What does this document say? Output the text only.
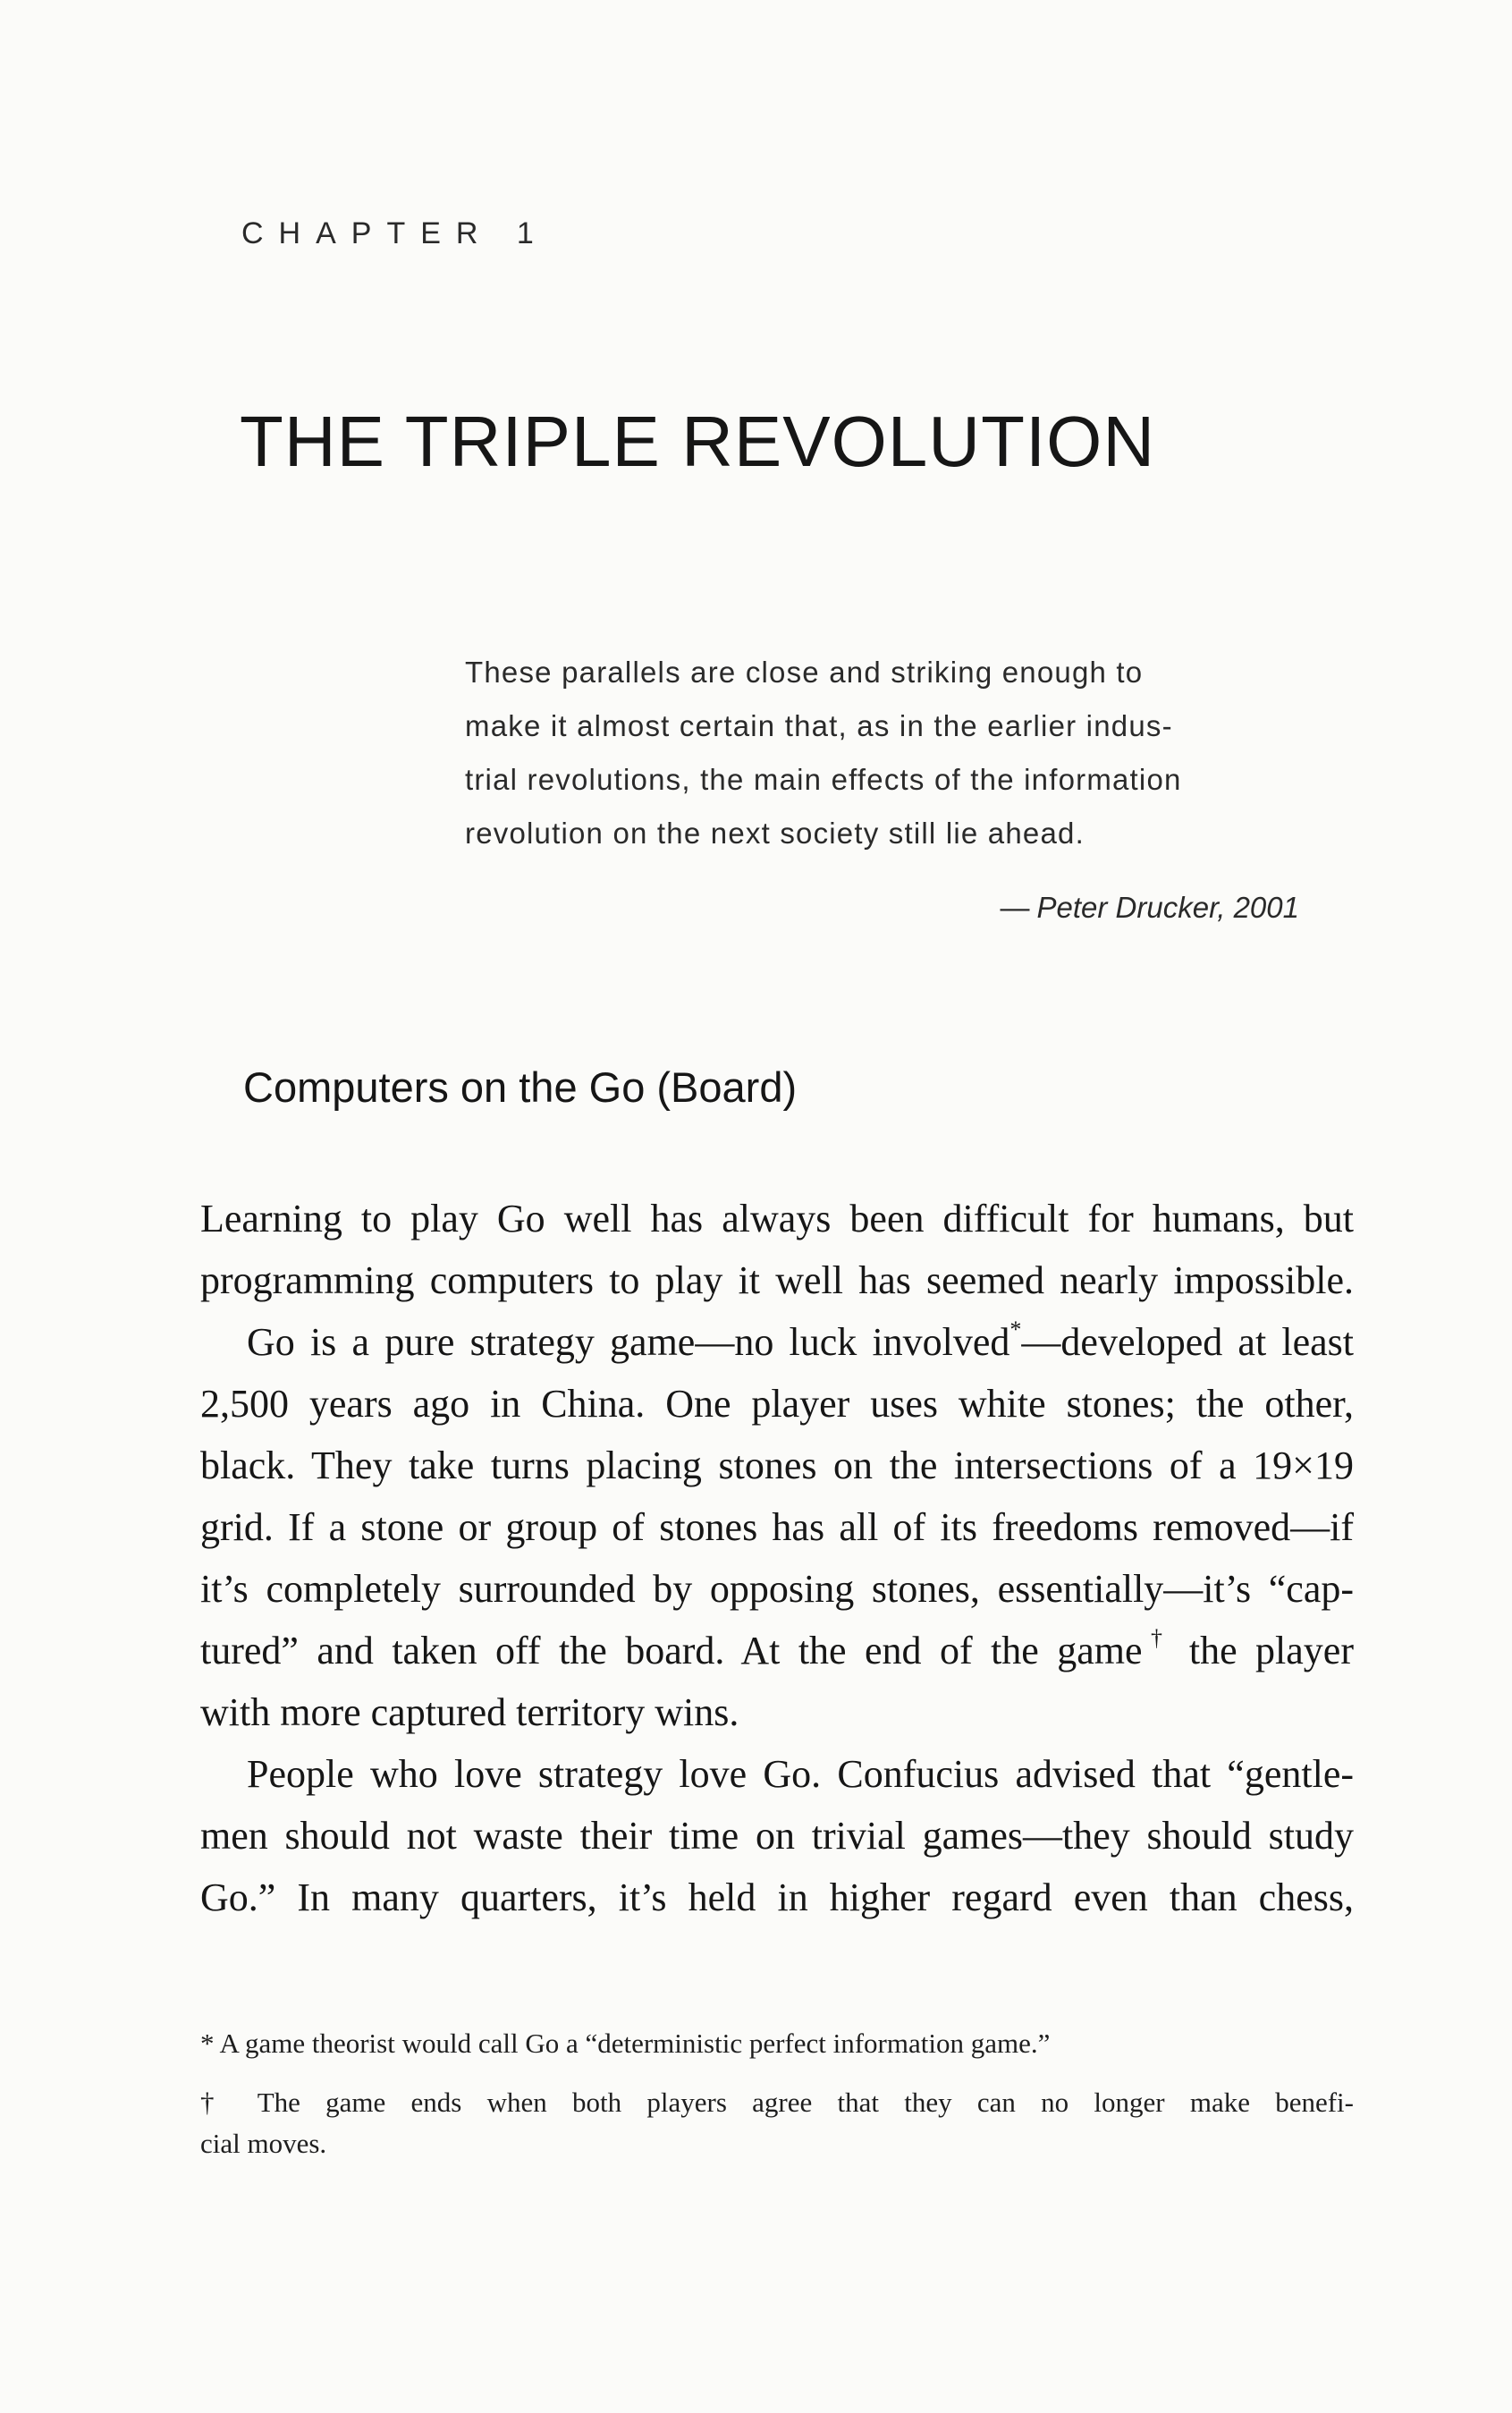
CHAPTER 1

THE TRIPLE REVOLUTION
These parallels are close and striking enough to
make it almost certain that, as in the earlier indus-
trial revolutions, the main effects of the information
revolution on the next society still lie ahead.

— Peter Drucker, 2001

Computers on the Go (Board)
Learning to play Go well has always been difficult for humans, but
programming computers to play it well has seemed nearly impossible.
Go is a pure strategy game—no luck involved*—developed at least
2,500 years ago in China. One player uses white stones; the other,
black. They take turns placing stones on the intersections of a 19×19
grid. If a stone or group of stones has all of its freedoms removed—if
it’s completely surrounded by opposing stones, essentially—it’s “cap-
tured” and taken off the board. At the end of the game† the player
with more captured territory wins.
People who love strategy love Go. Confucius advised that “gentle-
men should not waste their time on trivial games—they should study
Go.” In many quarters, it’s held in higher regard even than chess,

* A game theorist would call Go a “deterministic perfect information game.”

† The game ends when both players agree that they can no longer make benefi-
cial moves.
